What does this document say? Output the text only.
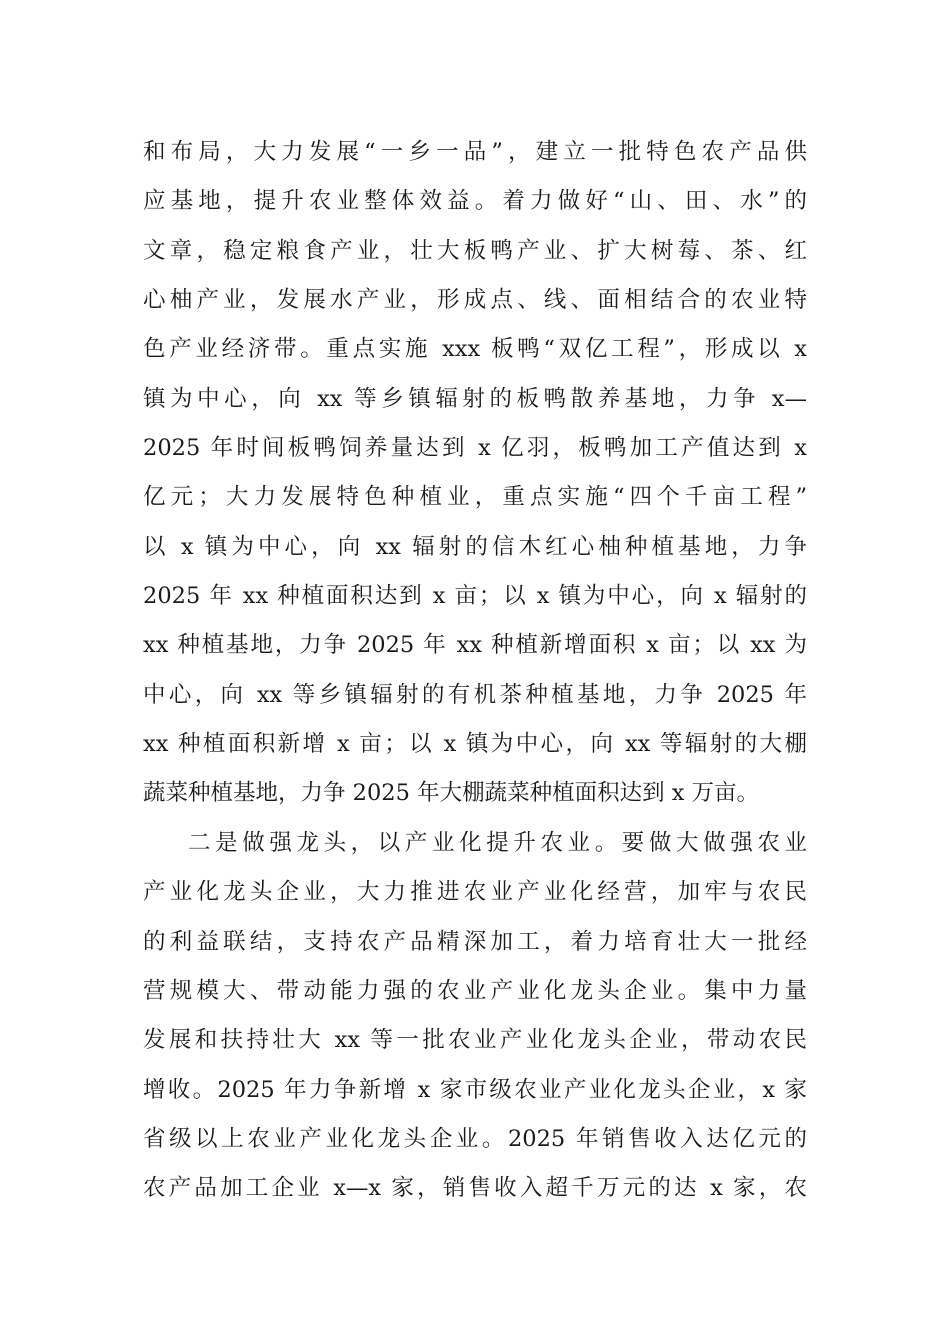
和布局，大力发展“一乡一品”，建立一批特色农产品供
应基地，提升农业整体效益。着力做好“山、田、水”的
文章，稳定粮食产业，壮大板鸭产业、扩大树莓、茶、红
心柚产业，发展水产业，形成点、线、面相结合的农业特
色产业经济带。重点实施 xxx 板鸭“双亿工程”，形成以 x
镇为中心，向 xx 等乡镇辐射的板鸭散养基地，力争 x—
2025 年时间板鸭饲养量达到 x 亿羽，板鸭加工产值达到 x
亿元；大力发展特色种植业，重点实施“四个千亩工程”
以 x 镇为中心，向 xx 辐射的信木红心柚种植基地，力争
2025 年 xx 种植面积达到 x 亩；以 x 镇为中心，向 x 辐射的
xx 种植基地，力争 2025 年 xx 种植新增面积 x 亩；以 xx 为
中心，向 xx 等乡镇辐射的有机茶种植基地，力争 2025 年
xx 种植面积新增 x 亩；以 x 镇为中心，向 xx 等辐射的大棚
蔬菜种植基地，力争 2025 年大棚蔬菜种植面积达到 x 万亩。
二是做强龙头，以产业化提升农业。要做大做强农业
产业化龙头企业，大力推进农业产业化经营，加牢与农民
的利益联结，支持农产品精深加工，着力培育壮大一批经
营规模大、带动能力强的农业产业化龙头企业。集中力量
发展和扶持壮大 xx 等一批农业产业化龙头企业，带动农民
增收。2025 年力争新增 x 家市级农业产业化龙头企业，x 家
省级以上农业产业化龙头企业。2025 年销售收入达亿元的
农产品加工企业 x—x 家，销售收入超千万元的达 x 家，农
